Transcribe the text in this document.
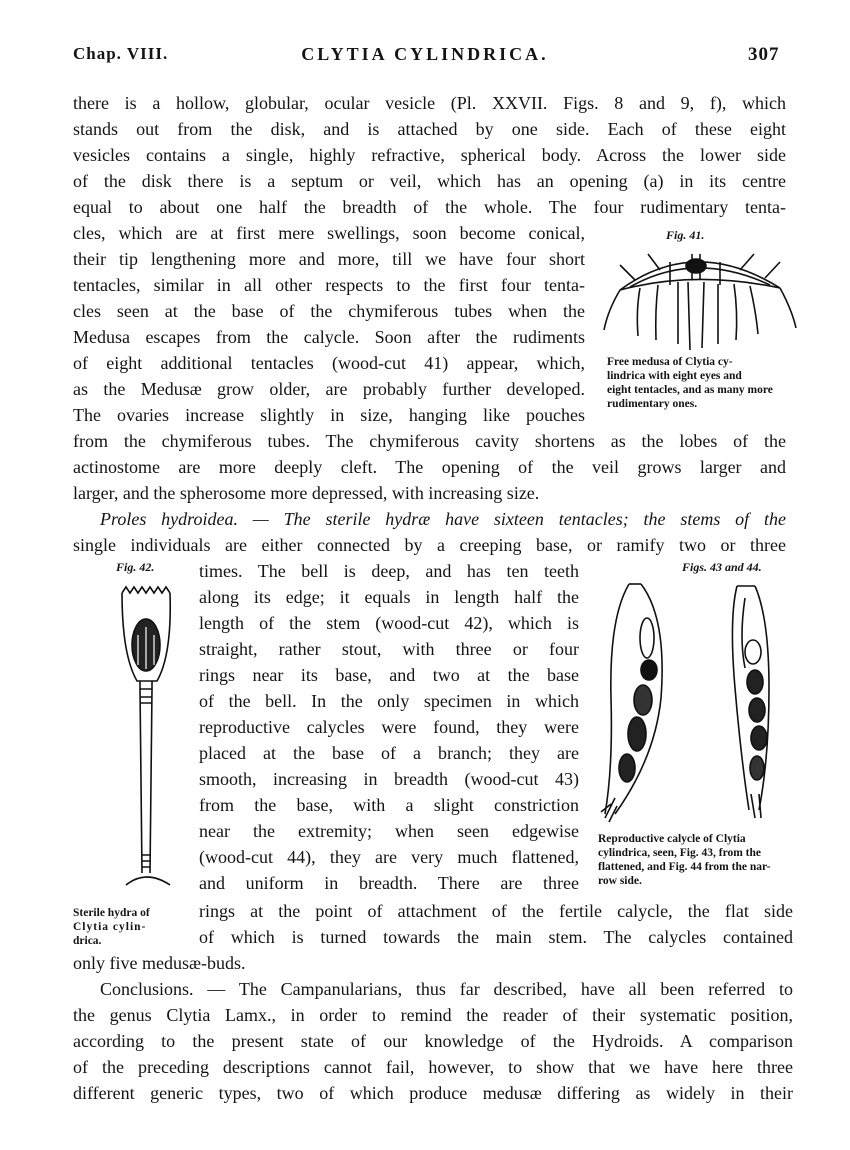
Chap. VIII.	CLYTIA CYLINDRICA.	307
there is a hollow, globular, ocular vesicle (Pl. XXVII. Figs. 8 and 9, f), which
stands out from the disk, and is attached by one side. Each of these eight
vesicles contains a single, highly refractive, spherical body. Across the lower side
of the disk there is a septum or veil, which has an opening (a) in its centre
equal to about one half the breadth of the whole. The four rudimentary tenta-
cles, which are at first mere swellings, soon become conical,
their tip lengthening more and more, till we have four short
tentacles, similar in all other respects to the first four tenta-
cles seen at the base of the chymiferous tubes when the
Medusa escapes from the calycle. Soon after the rudiments
of eight additional tentacles (wood-cut 41) appear, which,
as the Medusæ grow older, are probably further developed.
The ovaries increase slightly in size, hanging like pouches
from the chymiferous tubes. The chymiferous cavity shortens as the lobes of the
actinostome are more deeply cleft. The opening of the veil grows larger and
larger, and the spherosome more depressed, with increasing size.
Proles hydroidea. — The sterile hydræ have sixteen tentacles; the stems of the
single individuals are either connected by a creeping base, or ramify two or three
times. The bell is deep, and has ten teeth
along its edge; it equals in length half the
length of the stem (wood-cut 42), which is
straight, rather stout, with three or four
rings near its base, and two at the base
of the bell. In the only specimen in which
reproductive calycles were found, they were
placed at the base of a branch; they are
smooth, increasing in breadth (wood-cut 43)
from the base, with a slight constriction
near the extremity; when seen edgewise
(wood-cut 44), they are very much flattened,
and uniform in breadth. There are three
rings at the point of attachment of the fertile calycle, the flat side
of which is turned towards the main stem. The calycles contained
only five medusæ-buds.
Conclusions. — The Campanularians, thus far described, have all been referred to
the genus Clytia Lamx., in order to remind the reader of their systematic position,
according to the present state of our knowledge of the Hydroids. A comparison
of the preceding descriptions cannot fail, however, to show that we have here three
different generic types, two of which produce medusæ differing as widely in their
Fig. 41.
Free medusa of Clytia cy-
lindrica with eight eyes and
eight tentacles, and as many more
rudimentary ones.
Fig. 42.
Sterile hydra of
Clytia cylin-
drica.
Figs. 43 and 44.
Reproductive calycle of Clytia
cylindrica, seen, Fig. 43, from the
flattened, and Fig. 44 from the nar-
row side.
